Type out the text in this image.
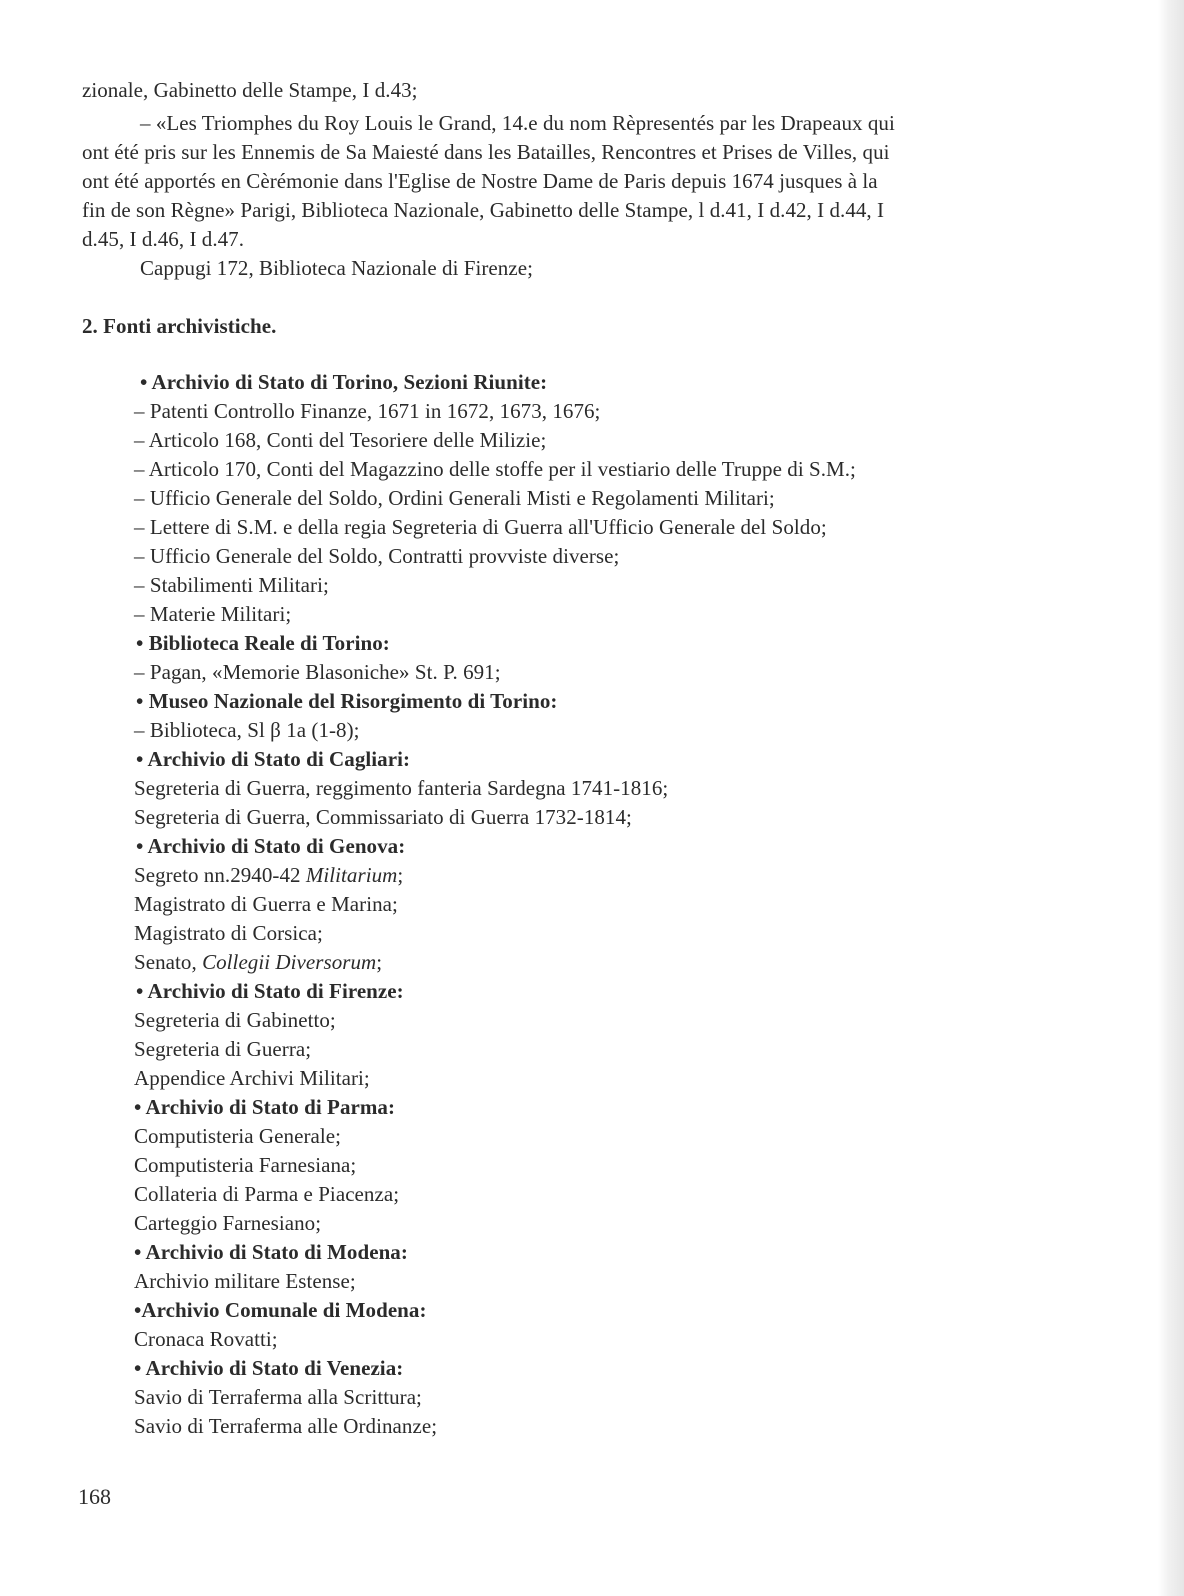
zionale, Gabinetto delle Stampe, I d.43;
– «Les Triomphes du Roy Louis le Grand, 14.e du nom Rèpresentés par les Drapeaux qui
ont été pris sur les Ennemis de Sa Maiesté dans les Batailles, Rencontres et Prises de Villes, qui
ont été apportés en Cèrémonie dans l'Eglise de Nostre Dame de Paris depuis 1674 jusques à la
fin de son Règne» Parigi, Biblioteca Nazionale, Gabinetto delle Stampe, l d.41, I d.42, I d.44, I
d.45, I d.46, I d.47.
Cappugi 172, Biblioteca Nazionale di Firenze;
2. Fonti archivistiche.
• Archivio di Stato di Torino, Sezioni Riunite:
– Patenti Controllo Finanze, 1671 in 1672, 1673, 1676;
– Articolo 168, Conti del Tesoriere delle Milizie;
– Articolo 170, Conti del Magazzino delle stoffe per il vestiario delle Truppe di S.M.;
– Ufficio Generale del Soldo, Ordini Generali Misti e Regolamenti Militari;
– Lettere di S.M. e della regia Segreteria di Guerra all'Ufficio Generale del Soldo;
– Ufficio Generale del Soldo, Contratti provviste diverse;
– Stabilimenti Militari;
– Materie Militari;
• Biblioteca Reale di Torino:
– Pagan, «Memorie Blasoniche» St. P. 691;
• Museo Nazionale del Risorgimento di Torino:
– Biblioteca, Sl β 1a (1-8);
• Archivio di Stato di Cagliari:
Segreteria di Guerra, reggimento fanteria Sardegna 1741-1816;
Segreteria di Guerra, Commissariato di Guerra 1732-1814;
• Archivio di Stato di Genova:
Segreto nn.2940-42 Militarium;
Magistrato di Guerra e Marina;
Magistrato di Corsica;
Senato, Collegii Diversorum;
• Archivio di Stato di Firenze:
Segreteria di Gabinetto;
Segreteria di Guerra;
Appendice Archivi Militari;
• Archivio di Stato di Parma:
Computisteria Generale;
Computisteria Farnesiana;
Collateria di Parma e Piacenza;
Carteggio Farnesiano;
• Archivio di Stato di Modena:
Archivio militare Estense;
•Archivio Comunale di Modena:
Cronaca Rovatti;
• Archivio di Stato di Venezia:
Savio di Terraferma alla Scrittura;
Savio di Terraferma alle Ordinanze;
168
